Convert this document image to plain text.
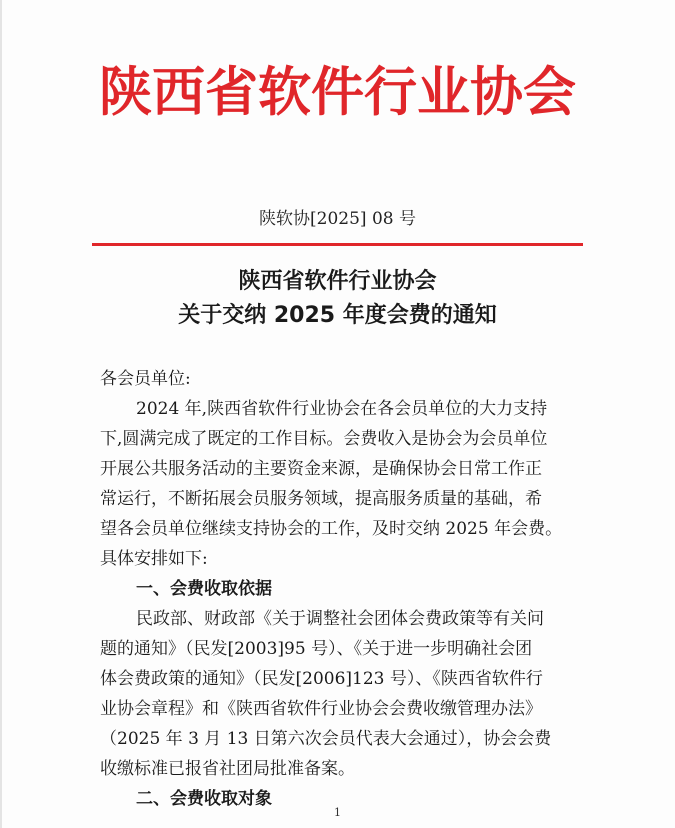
陕西省软件行业协会
陕软协[2025] 08 号
陕西省软件行业协会
关于交纳 2025 年度会费的通知
各会员单位:
2024 年,陕西省软件行业协会在各会员单位的大力支持
下,圆满完成了既定的工作目标。会费收入是协会为会员单位
开展公共服务活动的主要资金来源，是确保协会日常工作正
常运行，不断拓展会员服务领域，提高服务质量的基础，希
望各会员单位继续支持协会的工作，及时交纳 2025 年会费。
具体安排如下:
一、会费收取依据
民政部、财政部《关于调整社会团体会费政策等有关问
题的通知》（民发[2003]95 号）、《关于进一步明确社会团
体会费政策的通知》（民发[2006]123 号）、《陕西省软件行
业协会章程》和《陕西省软件行业协会会费收缴管理办法》
（2025 年 3 月 13 日第六次会员代表大会通过），协会会费
收缴标准已报省社团局批准备案。
二、会费收取对象
1
